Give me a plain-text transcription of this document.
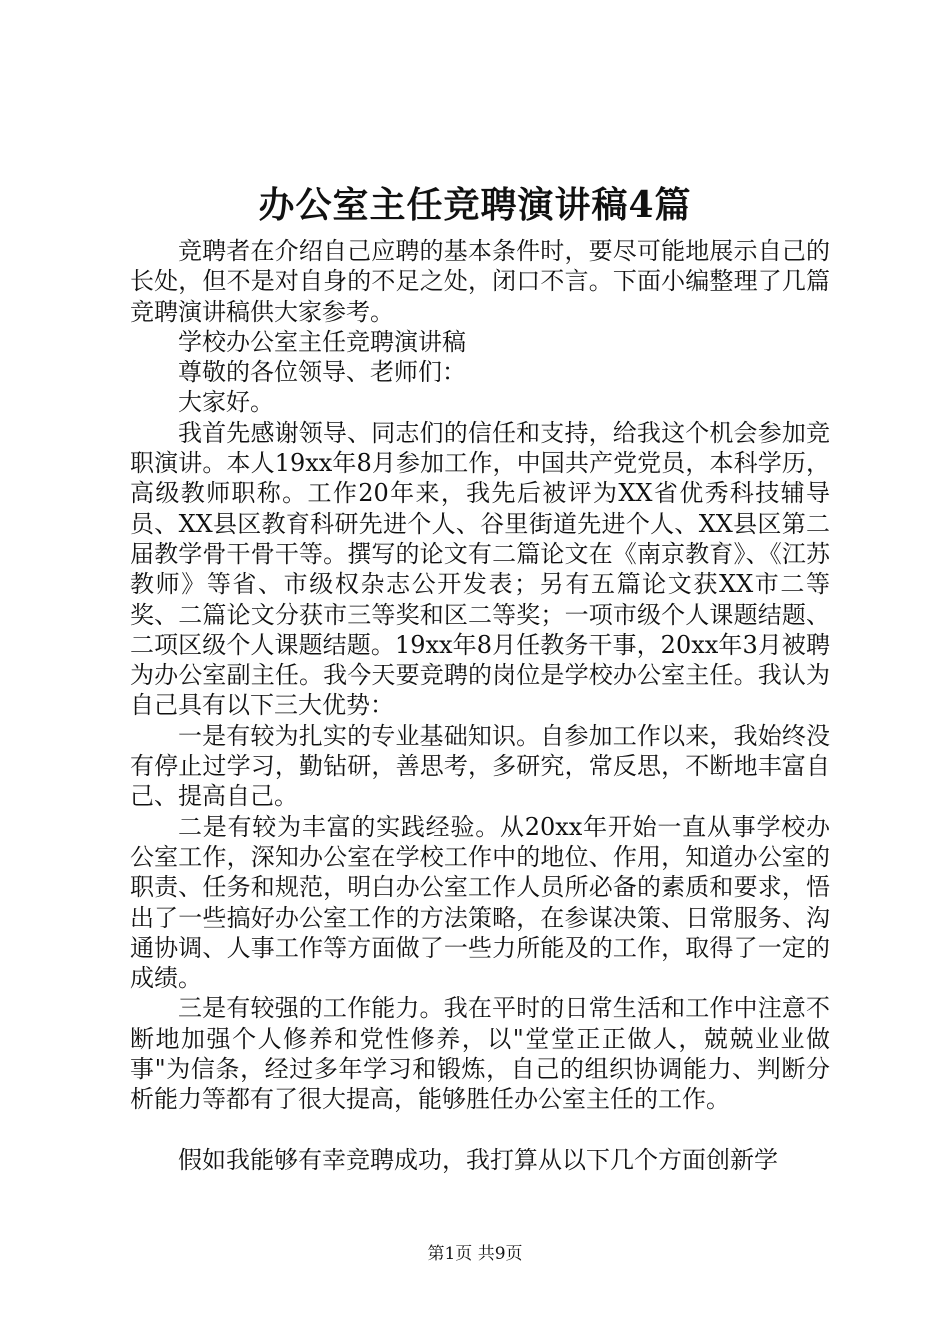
办公室主任竞聘演讲稿4篇

竞聘者在介绍自己应聘的基本条件时，要尽可能地展示自己的长处，但不是对自身的不足之处，闭口不言。下面小编整理了几篇竞聘演讲稿供大家参考。

学校办公室主任竞聘演讲稿

尊敬的各位领导、老师们：

大家好。

我首先感谢领导、同志们的信任和支持，给我这个机会参加竞职演讲。本人19xx年8月参加工作，中国共产党党员，本科学历，高级教师职称。工作20年来，我先后被评为XX省优秀科技辅导员、XX县区教育科研先进个人、谷里街道先进个人、XX县区第二届教学骨干骨干等。撰写的论文有二篇论文在《南京教育》、《江苏教师》等省、市级权杂志公开发表；另有五篇论文获XX市二等奖、二篇论文分获市三等奖和区二等奖；一项市级个人课题结题、二项区级个人课题结题。19xx年8月任教务干事，20xx年3月被聘为办公室副主任。我今天要竞聘的岗位是学校办公室主任。我认为自己具有以下三大优势：

一是有较为扎实的专业基础知识。自参加工作以来，我始终没有停止过学习，勤钻研，善思考，多研究，常反思，不断地丰富自己、提高自己。

二是有较为丰富的实践经验。从20xx年开始一直从事学校办公室工作，深知办公室在学校工作中的地位、作用，知道办公室的职责、任务和规范，明白办公室工作人员所必备的素质和要求，悟出了一些搞好办公室工作的方法策略，在参谋决策、日常服务、沟通协调、人事工作等方面做了一些力所能及的工作，取得了一定的成绩。

三是有较强的工作能力。我在平时的日常生活和工作中注意不断地加强个人修养和党性修养，以"堂堂正正做人，兢兢业业做事"为信条，经过多年学习和锻炼，自己的组织协调能力、判断分析能力等都有了很大提高，能够胜任办公室主任的工作。

假如我能够有幸竞聘成功，我打算从以下几个方面创新学

第1页 共9页
